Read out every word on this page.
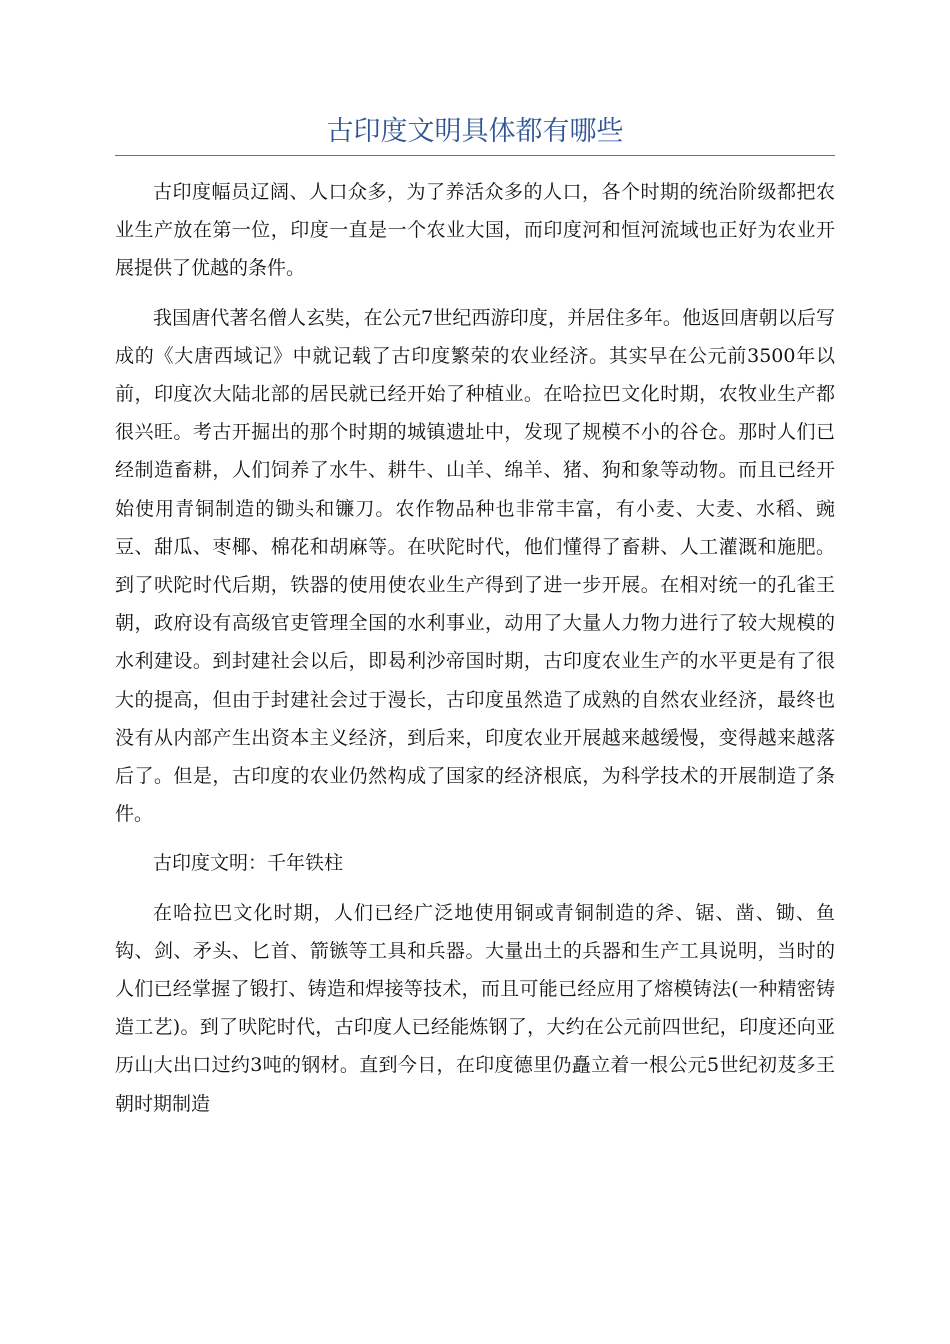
古印度文明具体都有哪些

古印度幅员辽阔、人口众多，为了养活众多的人口，各个时期的统治阶级都把农业生产放在第一位，印度一直是一个农业大国，而印度河和恒河流域也正好为农业开展提供了优越的条件。

我国唐代著名僧人玄奘，在公元7世纪西游印度，并居住多年。他返回唐朝以后写成的《大唐西域记》中就记载了古印度繁荣的农业经济。其实早在公元前3500年以前，印度次大陆北部的居民就已经开始了种植业。在哈拉巴文化时期，农牧业生产都很兴旺。考古开掘出的那个时期的城镇遗址中，发现了规模不小的谷仓。那时人们已经制造畜耕，人们饲养了水牛、耕牛、山羊、绵羊、猪、狗和象等动物。而且已经开始使用青铜制造的锄头和镰刀。农作物品种也非常丰富，有小麦、大麦、水稻、豌豆、甜瓜、枣椰、棉花和胡麻等。在吠陀时代，他们懂得了畜耕、人工灌溉和施肥。到了吠陀时代后期，铁器的使用使农业生产得到了进一步开展。在相对统一的孔雀王朝，政府设有高级官吏管理全国的水利事业，动用了大量人力物力进行了较大规模的水利建设。到封建社会以后，即曷利沙帝国时期，古印度农业生产的水平更是有了很大的提高，但由于封建社会过于漫长，古印度虽然造了成熟的自然农业经济，最终也没有从内部产生出资本主义经济，到后来，印度农业开展越来越缓慢，变得越来越落后了。但是，古印度的农业仍然构成了国家的经济根底，为科学技术的开展制造了条件。

古印度文明：千年铁柱

在哈拉巴文化时期，人们已经广泛地使用铜或青铜制造的斧、锯、凿、锄、鱼钩、剑、矛头、匕首、箭镞等工具和兵器。大量出土的兵器和生产工具说明，当时的人们已经掌握了锻打、铸造和焊接等技术，而且可能已经应用了熔模铸法(一种精密铸造工艺)。到了吠陀时代，古印度人已经能炼钢了，大约在公元前四世纪，印度还向亚历山大出口过约3吨的钢材。直到今日，在印度德里仍矗立着一根公元5世纪初芨多王朝时期制造
